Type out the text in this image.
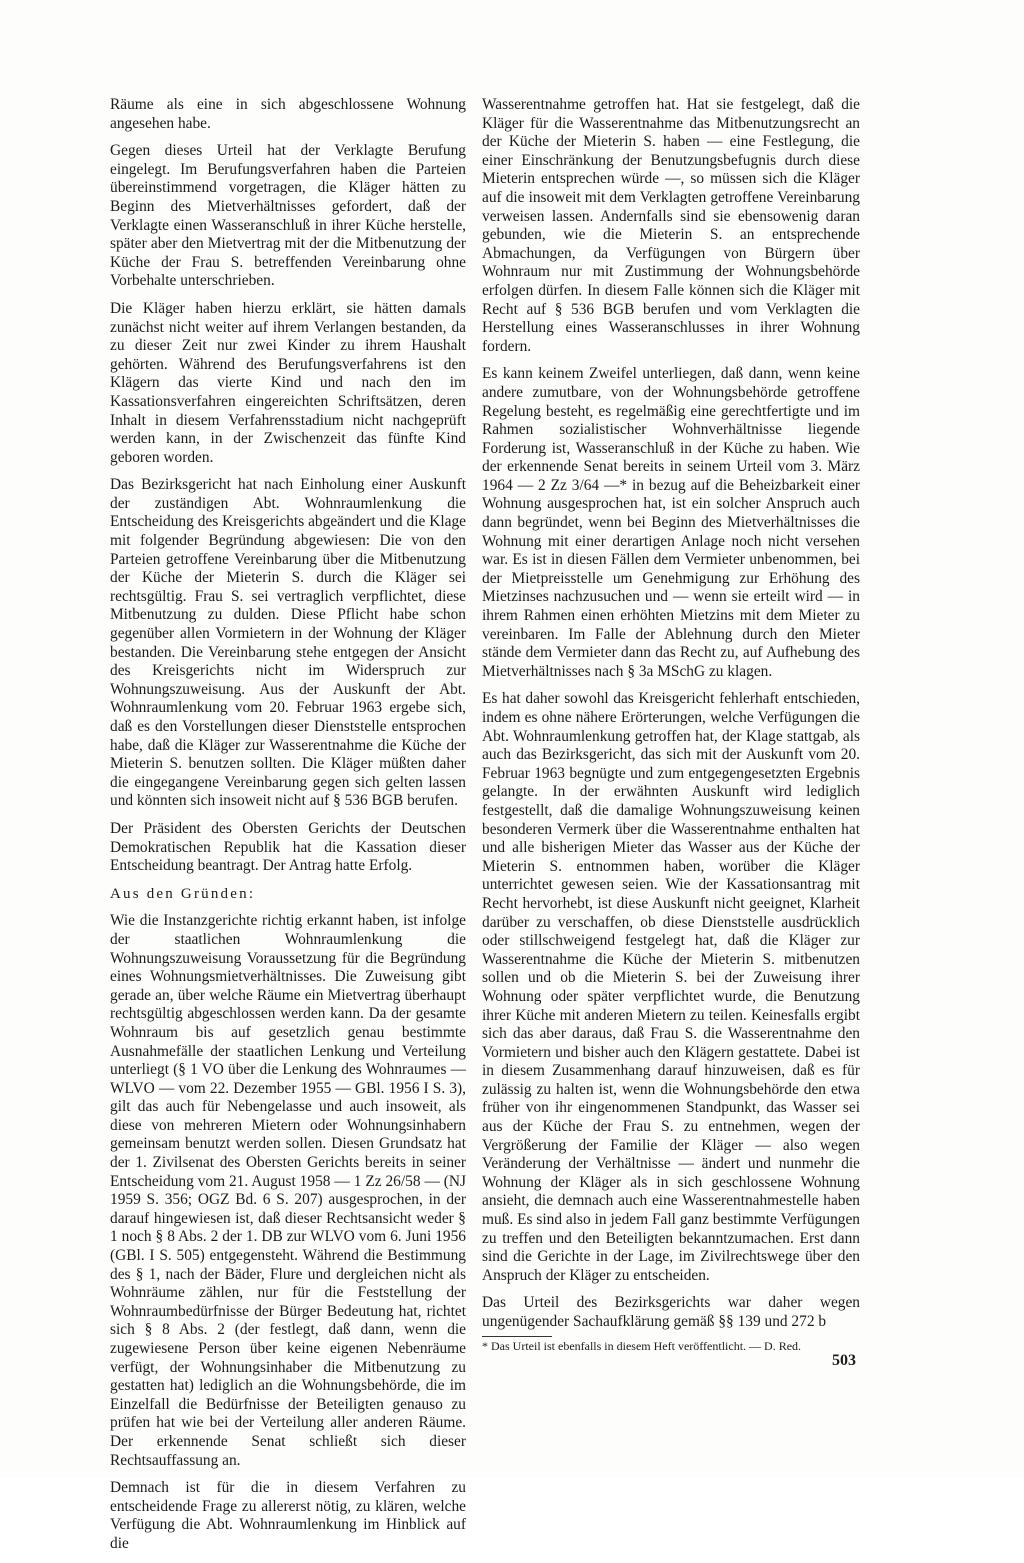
Räume als eine in sich abgeschlossene Wohnung angesehen habe.

Gegen dieses Urteil hat der Verklagte Berufung eingelegt. Im Berufungsverfahren haben die Parteien übereinstimmend vorgetragen, die Kläger hätten zu Beginn des Mietverhältnisses gefordert, daß der Verklagte einen Wasseranschluß in ihrer Küche herstelle, später aber den Mietvertrag mit der die Mitbenutzung der Küche der Frau S. betreffenden Vereinbarung ohne Vorbehalte unterschrieben.

Die Kläger haben hierzu erklärt, sie hätten damals zunächst nicht weiter auf ihrem Verlangen bestanden, da zu dieser Zeit nur zwei Kinder zu ihrem Haushalt gehörten. Während des Berufungsverfahrens ist den Klägern das vierte Kind und nach den im Kassationsverfahren eingereichten Schriftsätzen, deren Inhalt in diesem Verfahrensstadium nicht nachgeprüft werden kann, in der Zwischenzeit das fünfte Kind geboren worden.

Das Bezirksgericht hat nach Einholung einer Auskunft der zuständigen Abt. Wohnraumlenkung die Entscheidung des Kreisgerichts abgeändert und die Klage mit folgender Begründung abgewiesen: Die von den Parteien getroffene Vereinbarung über die Mitbenutzung der Küche der Mieterin S. durch die Kläger sei rechtsgültig. Frau S. sei vertraglich verpflichtet, diese Mitbenutzung zu dulden. Diese Pflicht habe schon gegenüber allen Vormietern in der Wohnung der Kläger bestanden. Die Vereinbarung stehe entgegen der Ansicht des Kreisgerichts nicht im Widerspruch zur Wohnungszuweisung. Aus der Auskunft der Abt. Wohnraumlenkung vom 20. Februar 1963 ergebe sich, daß es den Vorstellungen dieser Dienststelle entsprochen habe, daß die Kläger zur Wasserentnahme die Küche der Mieterin S. benutzen sollten. Die Kläger müßten daher die eingegangene Vereinbarung gegen sich gelten lassen und könnten sich insoweit nicht auf § 536 BGB berufen.

Der Präsident des Obersten Gerichts der Deutschen Demokratischen Republik hat die Kassation dieser Entscheidung beantragt. Der Antrag hatte Erfolg.

Aus den Gründen:

Wie die Instanzgerichte richtig erkannt haben, ist infolge der staatlichen Wohnraumlenkung die Wohnungszuweisung Voraussetzung für die Begründung eines Wohnungsmietverhältnisses. Die Zuweisung gibt gerade an, über welche Räume ein Mietvertrag überhaupt rechtsgültig abgeschlossen werden kann. Da der gesamte Wohnraum bis auf gesetzlich genau bestimmte Ausnahmefälle der staatlichen Lenkung und Verteilung unterliegt (§ 1 VO über die Lenkung des Wohnraumes — WLVO — vom 22. Dezember 1955 — GBl. 1956 I S. 3), gilt das auch für Nebengelasse und auch insoweit, als diese von mehreren Mietern oder Wohnungsinhabern gemeinsam benutzt werden sollen. Diesen Grundsatz hat der 1. Zivilsenat des Obersten Gerichts bereits in seiner Entscheidung vom 21. August 1958 — 1 Zz 26/58 — (NJ 1959 S. 356; OGZ Bd. 6 S. 207) ausgesprochen, in der darauf hingewiesen ist, daß dieser Rechtsansicht weder § 1 noch § 8 Abs. 2 der 1. DB zur WLVO vom 6. Juni 1956 (GBl. I S. 505) entgegensteht. Während die Bestimmung des § 1, nach der Bäder, Flure und dergleichen nicht als Wohnräume zählen, nur für die Feststellung der Wohnraumbedürfnisse der Bürger Bedeutung hat, richtet sich § 8 Abs. 2 (der festlegt, daß dann, wenn die zugewiesene Person über keine eigenen Nebenräume verfügt, der Wohnungsinhaber die Mitbenutzung zu gestatten hat) lediglich an die Wohnungsbehörde, die im Einzelfall die Bedürfnisse der Beteiligten genauso zu prüfen hat wie bei der Verteilung aller anderen Räume. Der erkennende Senat schließt sich dieser Rechtsauffassung an.

Demnach ist für die in diesem Verfahren zu entscheidende Frage zu allererst nötig, zu klären, welche Verfügung die Abt. Wohnraumlenkung im Hinblick auf die

Wasserentnahme getroffen hat. Hat sie festgelegt, daß die Kläger für die Wasserentnahme das Mitbenutzungsrecht an der Küche der Mieterin S. haben — eine Festlegung, die einer Einschränkung der Benutzungsbefugnis durch diese Mieterin entsprechen würde —, so müssen sich die Kläger auf die insoweit mit dem Verklagten getroffene Vereinbarung verweisen lassen. Andernfalls sind sie ebensowenig daran gebunden, wie die Mieterin S. an entsprechende Abmachungen, da Verfügungen von Bürgern über Wohnraum nur mit Zustimmung der Wohnungsbehörde erfolgen dürfen. In diesem Falle können sich die Kläger mit Recht auf § 536 BGB berufen und vom Verklagten die Herstellung eines Wasseranschlusses in ihrer Wohnung fordern.

Es kann keinem Zweifel unterliegen, daß dann, wenn keine andere zumutbare, von der Wohnungsbehörde getroffene Regelung besteht, es regelmäßig eine gerechtfertigte und im Rahmen sozialistischer Wohnverhältnisse liegende Forderung ist, Wasseranschluß in der Küche zu haben. Wie der erkennende Senat bereits in seinem Urteil vom 3. März 1964 — 2 Zz 3/64 —* in bezug auf die Beheizbarkeit einer Wohnung ausgesprochen hat, ist ein solcher Anspruch auch dann begründet, wenn bei Beginn des Mietverhältnisses die Wohnung mit einer derartigen Anlage noch nicht versehen war. Es ist in diesen Fällen dem Vermieter unbenommen, bei der Mietpreisstelle um Genehmigung zur Erhöhung des Mietzinses nachzusuchen und — wenn sie erteilt wird — in ihrem Rahmen einen erhöhten Mietzins mit dem Mieter zu vereinbaren. Im Falle der Ablehnung durch den Mieter stände dem Vermieter dann das Recht zu, auf Aufhebung des Mietverhältnisses nach § 3a MSchG zu klagen.

Es hat daher sowohl das Kreisgericht fehlerhaft entschieden, indem es ohne nähere Erörterungen, welche Verfügungen die Abt. Wohnraumlenkung getroffen hat, der Klage stattgab, als auch das Bezirksgericht, das sich mit der Auskunft vom 20. Februar 1963 begnügte und zum entgegengesetzten Ergebnis gelangte. In der erwähnten Auskunft wird lediglich festgestellt, daß die damalige Wohnungszuweisung keinen besonderen Vermerk über die Wasserentnahme enthalten hat und alle bisherigen Mieter das Wasser aus der Küche der Mieterin S. entnommen haben, worüber die Kläger unterrichtet gewesen seien. Wie der Kassationsantrag mit Recht hervorhebt, ist diese Auskunft nicht geeignet, Klarheit darüber zu verschaffen, ob diese Dienststelle ausdrücklich oder stillschweigend festgelegt hat, daß die Kläger zur Wasserentnahme die Küche der Mieterin S. mitbenutzen sollen und ob die Mieterin S. bei der Zuweisung ihrer Wohnung oder später verpflichtet wurde, die Benutzung ihrer Küche mit anderen Mietern zu teilen. Keinesfalls ergibt sich das aber daraus, daß Frau S. die Wasserentnahme den Vormietern und bisher auch den Klägern gestattete. Dabei ist in diesem Zusammenhang darauf hinzuweisen, daß es für zulässig zu halten ist, wenn die Wohnungsbehörde den etwa früher von ihr eingenommenen Standpunkt, das Wasser sei aus der Küche der Frau S. zu entnehmen, wegen der Vergrößerung der Familie der Kläger — also wegen Veränderung der Verhältnisse — ändert und nunmehr die Wohnung der Kläger als in sich geschlossene Wohnung ansieht, die demnach auch eine Wasserentnahmestelle haben muß. Es sind also in jedem Fall ganz bestimmte Verfügungen zu treffen und den Beteiligten bekanntzumachen. Erst dann sind die Gerichte in der Lage, im Zivilrechtswege über den Anspruch der Kläger zu entscheiden.

Das Urteil des Bezirksgerichts war daher wegen ungenügender Sachaufklärung gemäß §§ 139 und 272 b

* Das Urteil ist ebenfalls in diesem Heft veröffentlicht. — D. Red.

503
